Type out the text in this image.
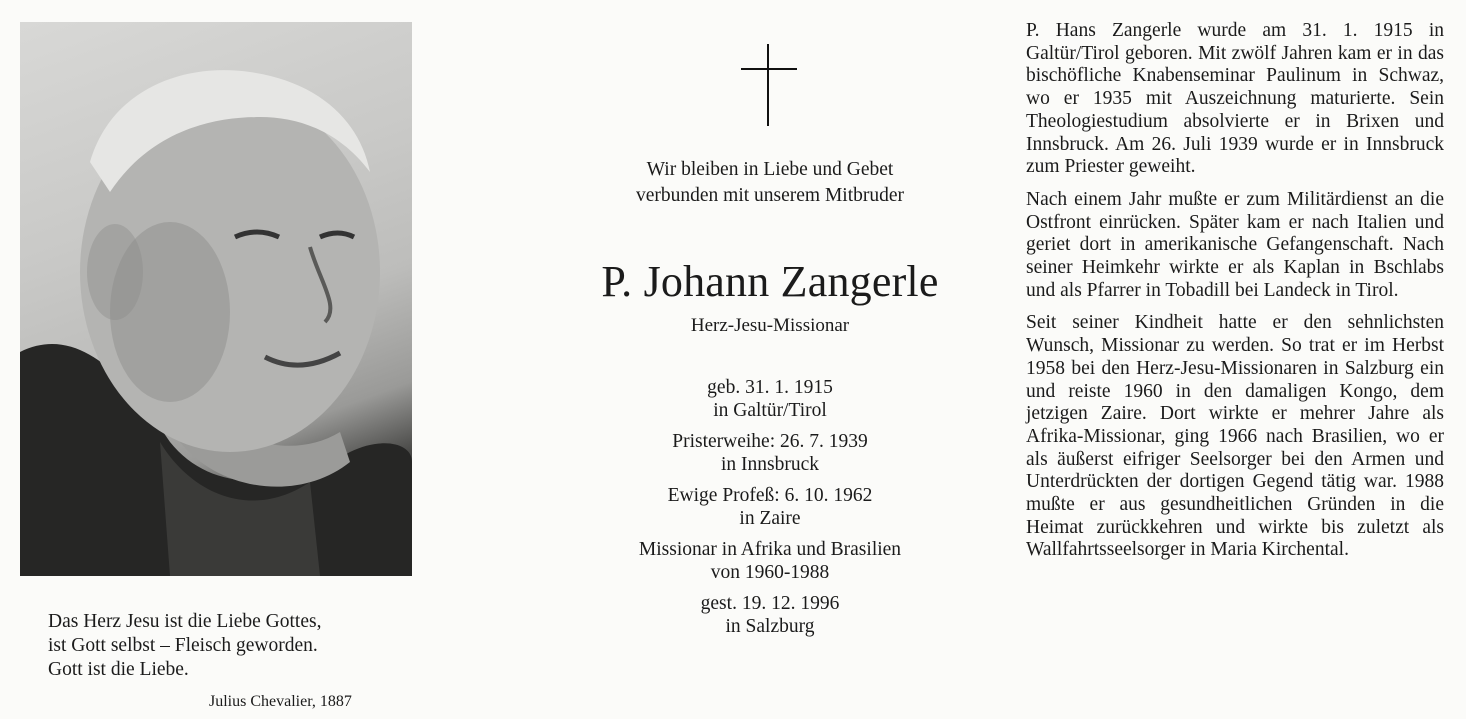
Das Herz Jesu ist die Liebe Gottes,
ist Gott selbst – Fleisch geworden.
Gott ist die Liebe.
Julius Chevalier, 1887
Wir bleiben in Liebe und Gebet
verbunden mit unserem Mitbruder
P. Johann Zangerle
Herz-Jesu-Missionar
geb. 31. 1. 1915
in Galtür/Tirol
Pristerweihe: 26. 7. 1939
in Innsbruck
Ewige Profeß: 6. 10. 1962
in Zaire
Missionar in Afrika und Brasilien
von 1960-1988
gest. 19. 12. 1996
in Salzburg

P. Hans Zangerle wurde am 31. 1. 1915 in Galtür/Tirol geboren. Mit zwölf Jahren kam er in das bischöfliche Knabenseminar Paulinum in Schwaz, wo er 1935 mit Auszeichnung maturierte. Sein Theologiestudium absolvierte er in Brixen und Innsbruck. Am 26. Juli 1939 wurde er in Innsbruck zum Priester geweiht.

Nach einem Jahr mußte er zum Militärdienst an die Ostfront einrücken. Später kam er nach Italien und geriet dort in amerikanische Gefangenschaft. Nach seiner Heimkehr wirkte er als Kaplan in Bschlabs und als Pfarrer in Tobadill bei Landeck in Tirol.

Seit seiner Kindheit hatte er den sehnlichsten Wunsch, Missionar zu werden. So trat er im Herbst 1958 bei den Herz-Jesu-Missionaren in Salzburg ein und reiste 1960 in den damaligen Kongo, dem jetzigen Zaire. Dort wirkte er mehrer Jahre als Afrika-Missionar, ging 1966 nach Brasilien, wo er als äußerst eifriger Seelsorger bei den Armen und Unterdrückten der dortigen Gegend tätig war. 1988 mußte er aus gesundheitlichen Gründen in die Heimat zurückkehren und wirkte bis zuletzt als Wallfahrtsseelsorger in Maria Kirchental.
